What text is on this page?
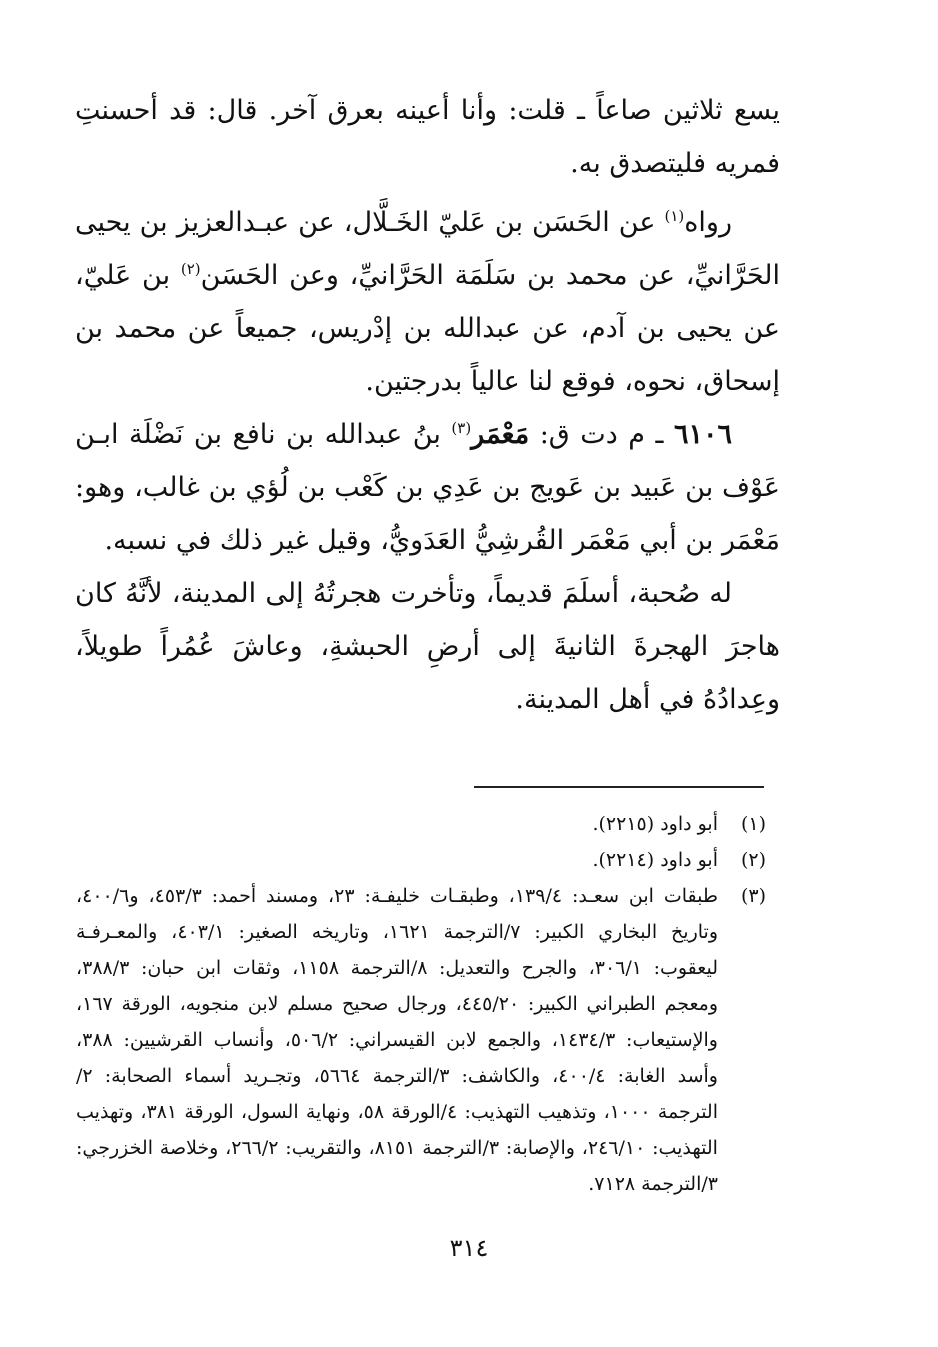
يسع ثلاثين صاعاً ـ قلت: وأنا أعينه بعرق آخر. قال: قد أحسنتِ فمريه فليتصدق به.

رواه$^{(١)}$ عن الحَسَن بن عَليّ الخَـلَّال، عن عبـدالعزيز بن يحيى الحَرَّانيِّ، عن محمد بن سَلَمَة الحَرَّانيِّ، وعن الحَسَن$^{(٢)}$ بن عَليّ، عن يحيى بن آدم، عن عبدالله بن إدْريس، جميعاً عن محمد بن إسحاق، نحوه، فوقع لنا عالياً بدرجتين.

٦١٠٦ ـ م دت ق: مَعْمَر$^{(٣)}$ بنُ عبدالله بن نافع بن نَضْلَة ابـن عَوْف بن عَبيد بن عَويج بن عَدِي بن كَعْب بن لُؤي بن غالب، وهو: مَعْمَر بن أبي مَعْمَر القُرشِيُّ العَدَويُّ، وقيل غير ذلك في نسبه.

له صُحبة، أسلَمَ قديماً، وتأخرت هجرتُهُ إلى المدينة، لأنَّهُ كان هاجرَ الهجرةَ الثانيةَ إلى أرضِ الحبشةِ، وعاشَ عُمُراً طويلاً، وعِدادُهُ في أهل المدينة.

(١)
أبو داود (٢٢١٥).
(٢)
أبو داود (٢٢١٤).
(٣)
طبقات ابن سعـد: ١٣٩/٤، وطبقـات خليفـة: ٢٣، ومسند أحمد: ٤٥٣/٣، و٤٠٠/٦، وتاريخ البخاري الكبير: ٧/الترجمة ١٦٢١، وتاريخه الصغير: ٤٠٣/١، والمعـرفـة ليعقوب: ٣٠٦/١، والجرح والتعديل: ٨/الترجمة ١١٥٨، وثقات ابن حبان: ٣٨٨/٣، ومعجم الطبراني الكبير: ٤٤٥/٢٠، ورجال صحيح مسلم لابن منجويه، الورقة ١٦٧، والإستيعاب: ١٤٣٤/٣، والجمع لابن القيسراني: ٥٠٦/٢، وأنساب القرشيين: ٣٨٨، وأسد الغابة: ٤٠٠/٤، والكاشف: ٣/الترجمة ٥٦٦٤، وتجـريد أسماء الصحابة: ٢/الترجمة ١٠٠٠، وتذهيب التهذيب: ٤/الورقة ٥٨، ونهاية السول، الورقة ٣٨١، وتهذيب التهذيب: ٢٤٦/١٠، والإصابة: ٣/الترجمة ٨١٥١، والتقريب: ٢٦٦/٢، وخلاصة الخزرجي: ٣/الترجمة ٧١٢٨.
٣١٤
